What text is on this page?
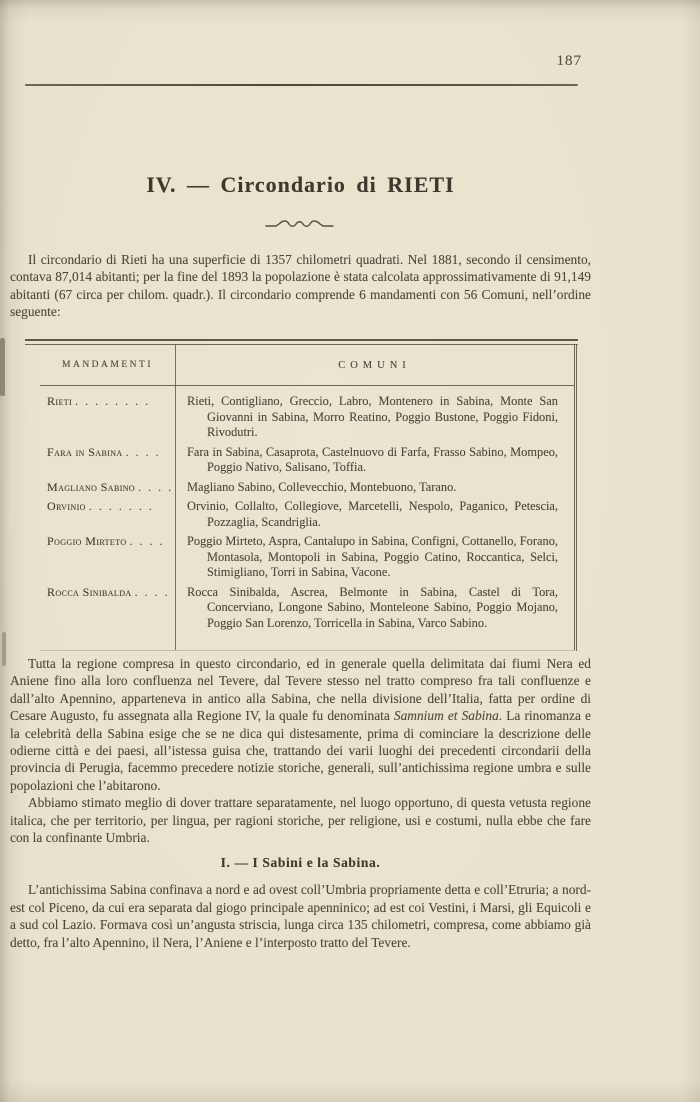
187
IV. — Circondario di RIETI

Il circondario di Rieti ha una superficie di 1357 chilometri quadrati. Nel 1881, secondo il censimento, contava 87,014 abitanti; per la fine del 1893 la popolazione è stata calcolata approssimativamente di 91,149 abitanti (67 circa per chilom. quadr.). Il circondario comprende 6 mandamenti con 56 Comuni, nell’ordine seguente:

MANDAMENTI	COMUNI
Rieti . . . . . . . .	Rieti, Contigliano, Greccio, Labro, Montenero in Sabina, Monte San Giovanni in Sabina, Morro Reatino, Poggio Bustone, Poggio Fidoni, Rivodutri.
Fara in Sabina . . . .	Fara in Sabina, Casaprota, Castelnuovo di Farfa, Frasso Sabino, Mompeo, Poggio Nativo, Salisano, Toffia.
Magliano Sabino . . . .	Magliano Sabino, Collevecchio, Montebuono, Tarano.
Orvinio . . . . . . .	Orvinio, Collalto, Collegiove, Marcetelli, Nespolo, Paganico, Petescia, Pozzaglia, Scandriglia.
Poggio Mirteto . . . .	Poggio Mirteto, Aspra, Cantalupo in Sabina, Configni, Cottanello, Forano, Montasola, Montopoli in Sabina, Poggio Catino, Roccantica, Selci, Stimigliano, Torri in Sabina, Vacone.
Rocca Sinibalda . . . .	Rocca Sinibalda, Ascrea, Belmonte in Sabina, Castel di Tora, Concerviano, Longone Sabino, Monteleone Sabino, Poggio Mojano, Poggio San Lorenzo, Torricella in Sabina, Varco Sabino.

Tutta la regione compresa in questo circondario, ed in generale quella delimitata dai fiumi Nera ed Aniene fino alla loro confluenza nel Tevere, dal Tevere stesso nel tratto compreso fra tali confluenze e dall’alto Apennino, apparteneva in antico alla Sabina, che nella divisione dell’Italia, fatta per ordine di Cesare Augusto, fu assegnata alla Regione IV, la quale fu denominata Samnium et Sabina. La rinomanza e la celebrità della Sabina esige che se ne dica qui distesamente, prima di cominciare la descrizione delle odierne città e dei paesi, all’istessa guisa che, trattando dei varii luoghi dei precedenti circondarii della provincia di Perugia, facemmo precedere notizie storiche, generali, sull’antichissima regione umbra e sulle popolazioni che l’abitarono.

Abbiamo stimato meglio di dover trattare separatamente, nel luogo opportuno, di questa vetusta regione italica, che per territorio, per lingua, per ragioni storiche, per religione, usi e costumi, nulla ebbe che fare con la confinante Umbria.

I. — I Sabini e la Sabina.

L’antichissima Sabina confinava a nord e ad ovest coll’Umbria propriamente detta e coll’Etruria; a nord-est col Piceno, da cui era separata dal giogo principale apenninico; ad est coi Vestini, i Marsi, gli Equicoli e a sud col Lazio. Formava così un’angusta striscia, lunga circa 135 chilometri, compresa, come abbiamo già detto, fra l’alto Apennino, il Nera, l’Aniene e l’interposto tratto del Tevere.
